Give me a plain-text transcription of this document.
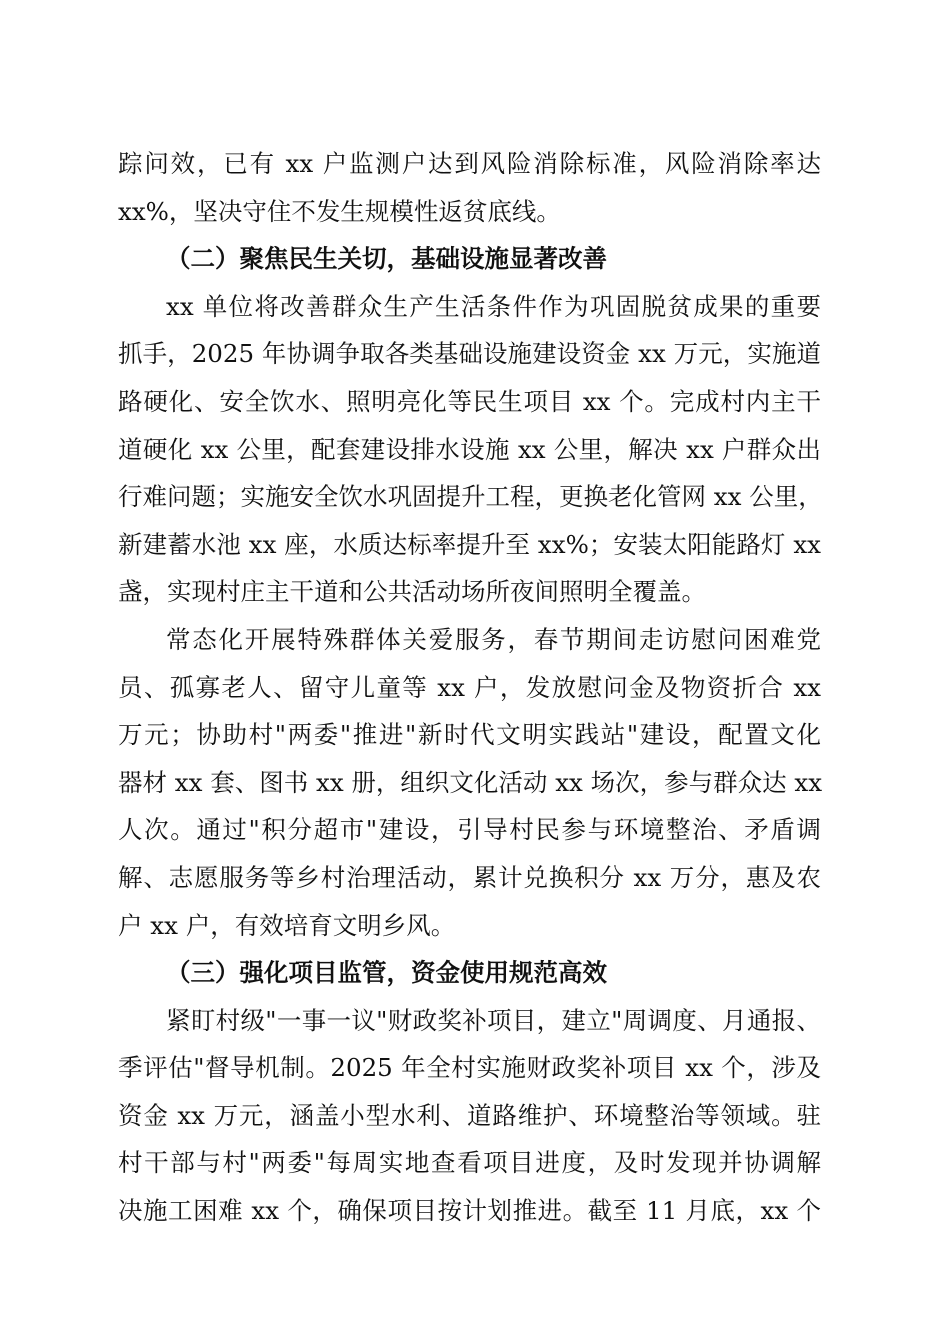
踪问效，已有 xx 户监测户达到风险消除标准，风险消除率达
xx%，坚决守住不发生规模性返贫底线。
（二）聚焦民生关切，基础设施显著改善
xx 单位将改善群众生产生活条件作为巩固脱贫成果的重要
抓手，2025 年协调争取各类基础设施建设资金 xx 万元，实施道
路硬化、安全饮水、照明亮化等民生项目 xx 个。完成村内主干
道硬化 xx 公里，配套建设排水设施 xx 公里，解决 xx 户群众出
行难问题；实施安全饮水巩固提升工程，更换老化管网 xx 公里，
新建蓄水池 xx 座，水质达标率提升至 xx%；安装太阳能路灯 xx
盏，实现村庄主干道和公共活动场所夜间照明全覆盖。
常态化开展特殊群体关爱服务，春节期间走访慰问困难党
员、孤寡老人、留守儿童等 xx 户，发放慰问金及物资折合 xx
万元；协助村"两委"推进"新时代文明实践站"建设，配置文化
器材 xx 套、图书 xx 册，组织文化活动 xx 场次，参与群众达 xx
人次。通过"积分超市"建设，引导村民参与环境整治、矛盾调
解、志愿服务等乡村治理活动，累计兑换积分 xx 万分，惠及农
户 xx 户，有效培育文明乡风。
（三）强化项目监管，资金使用规范高效
紧盯村级"一事一议"财政奖补项目，建立"周调度、月通报、
季评估"督导机制。2025 年全村实施财政奖补项目 xx 个，涉及
资金 xx 万元，涵盖小型水利、道路维护、环境整治等领域。驻
村干部与村"两委"每周实地查看项目进度，及时发现并协调解
决施工困难 xx 个，确保项目按计划推进。截至 11 月底，xx 个
